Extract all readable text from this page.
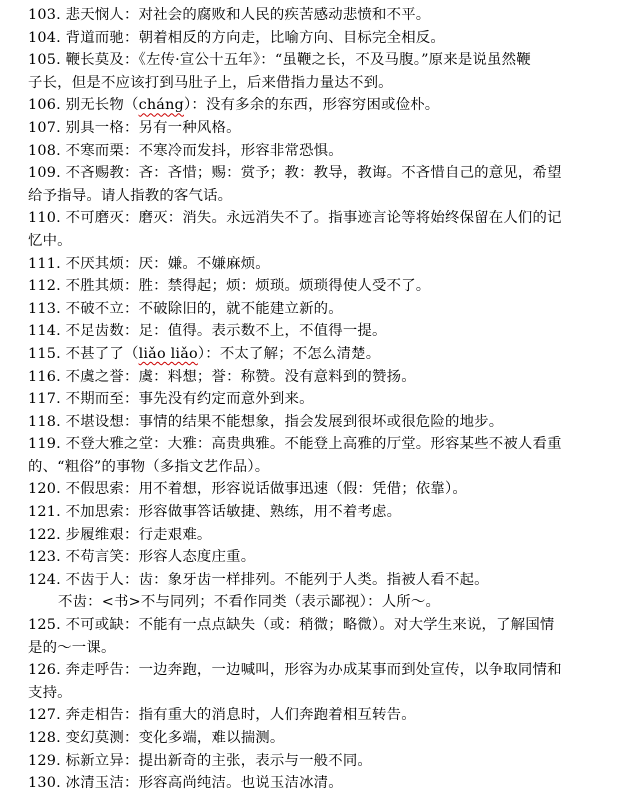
103. 悲天悯人：对社会的腐败和人民的疾苦感动悲愤和不平。
104. 背道而驰：朝着相反的方向走，比喻方向、目标完全相反。
105. 鞭长莫及：《左传·宣公十五年》：“虽鞭之长，不及马腹。”原来是说虽然鞭
子长，但是不应该打到马肚子上，后来借指力量达不到。
106. 别无长物（cháng）：没有多余的东西，形容穷困或俭朴。
107. 别具一格：另有一种风格。
108. 不寒而栗：不寒冷而发抖，形容非常恐惧。
109. 不吝赐教：吝：吝惜；赐：赏予；教：教导，教诲。不吝惜自己的意见，希望
给予指导。请人指教的客气话。
110. 不可磨灭：磨灭：消失。永远消失不了。指事迹言论等将始终保留在人们的记
忆中。
111. 不厌其烦：厌：嫌。不嫌麻烦。
112. 不胜其烦：胜：禁得起；烦：烦琐。烦琐得使人受不了。
113. 不破不立：不破除旧的，就不能建立新的。
114. 不足齿数：足：值得。表示数不上，不值得一提。
115. 不甚了了（liǎo liǎo）：不太了解；不怎么清楚。
116. 不虞之誉：虞：料想；誉：称赞。没有意料到的赞扬。
117. 不期而至：事先没有约定而意外到来。
118. 不堪设想：事情的结果不能想象，指会发展到很坏或很危险的地步。
119. 不登大雅之堂：大雅：高贵典雅。不能登上高雅的厅堂。形容某些不被人看重
的、“粗俗”的事物（多指文艺作品）。
120. 不假思索：用不着想，形容说话做事迅速（假：凭借；依靠）。
121. 不加思索：形容做事答话敏捷、熟练，用不着考虑。
122. 步履维艰：行走艰难。
123. 不苟言笑：形容人态度庄重。
124. 不齿于人：齿：象牙齿一样排列。不能列于人类。指被人看不起。
不齿：<书>不与同列；不看作同类（表示鄙视）：人所～。
125. 不可或缺：不能有一点点缺失（或：稍微；略微）。对大学生来说，了解国情
是的～一课。
126. 奔走呼告：一边奔跑，一边喊叫，形容为办成某事而到处宣传，以争取同情和
支持。
127. 奔走相告：指有重大的消息时，人们奔跑着相互转告。
128. 变幻莫测：变化多端，难以揣测。
129. 标新立异：提出新奇的主张，表示与一般不同。
130. 冰清玉洁：形容高尚纯洁。也说玉洁冰清。
